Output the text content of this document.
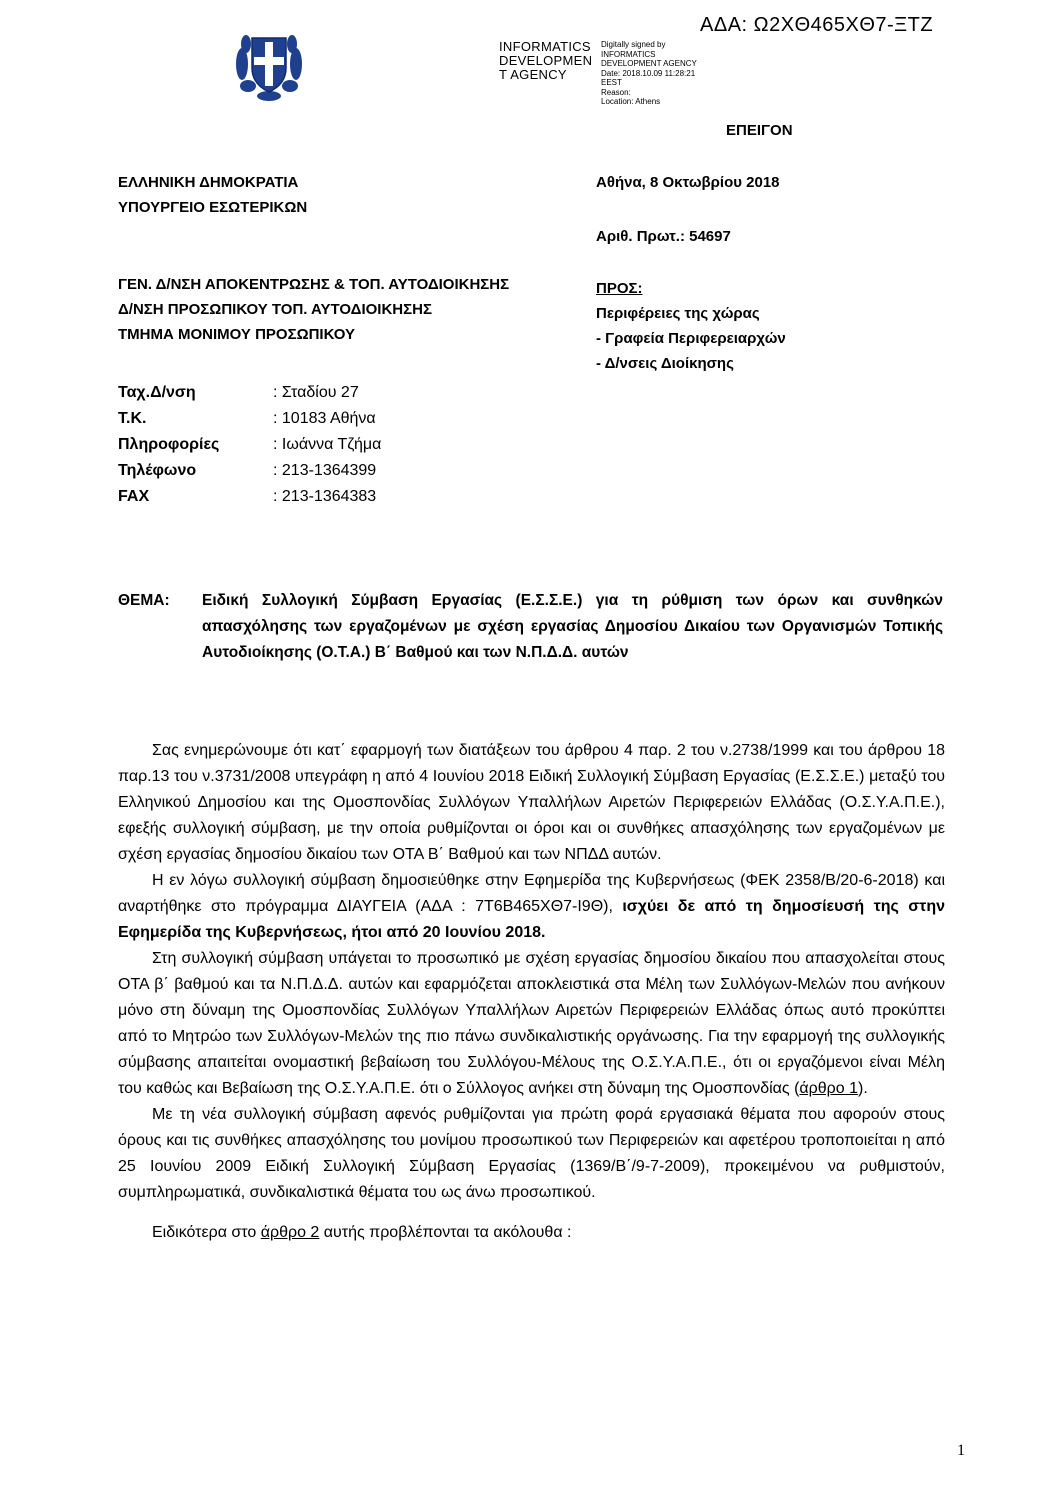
ΑΔΑ: Ω2ΧΘ465ΧΘ7-ΞΤΖ
INFORMATICS DEVELOPMEN T AGENCY
Digitally signed by
INFORMATICS
DEVELOPMENT AGENCY
Date: 2018.10.09 11:28:21
EEST
Reason:
Location: Athens
ΕΠΕΙΓΟΝ
ΕΛΛΗΝΙΚΗ ΔΗΜΟΚΡΑΤΙΑ
ΥΠΟΥΡΓΕΙΟ ΕΣΩΤΕΡΙΚΩΝ
Αθήνα, 8 Οκτωβρίου 2018
Αριθ. Πρωτ.: 54697
ΓΕΝ. Δ/ΝΣΗ ΑΠΟΚΕΝΤΡΩΣΗΣ & ΤΟΠ. ΑΥΤΟΔΙΟΙΚΗΣΗΣ
Δ/ΝΣΗ ΠΡΟΣΩΠΙΚΟΥ ΤΟΠ. ΑΥΤΟΔΙΟΙΚΗΣΗΣ
ΤΜΗΜΑ ΜΟΝΙΜΟΥ ΠΡΟΣΩΠΙΚΟΥ
ΠΡΟΣ:
Περιφέρειες της χώρας
- Γραφεία Περιφερειαρχών
- Δ/νσεις Διοίκησης
Ταχ.Δ/νση	: Σταδίου 27
Τ.Κ.	: 10183 Αθήνα
Πληροφορίες	: Ιωάννα Τζήμα
Τηλέφωνο	: 213-1364399
FAX	: 213-1364383
ΘΕΜΑ:	Ειδική Συλλογική Σύμβαση Εργασίας (Ε.Σ.Σ.Ε.) για τη ρύθμιση των όρων και συνθηκών απασχόλησης των εργαζομένων με σχέση εργασίας Δημοσίου Δικαίου των Οργανισμών Τοπικής Αυτοδιοίκησης (Ο.Τ.Α.) Β΄ Βαθμού και των Ν.Π.Δ.Δ. αυτών

Σας ενημερώνουμε ότι κατ΄ εφαρμογή των διατάξεων του άρθρου 4 παρ. 2 του ν.2738/1999 και του άρθρου 18 παρ.13 του ν.3731/2008 υπεγράφη η από 4 Ιουνίου 2018 Ειδική Συλλογική Σύμβαση Εργασίας (Ε.Σ.Σ.Ε.) μεταξύ του Ελληνικού Δημοσίου και της Ομοσπονδίας Συλλόγων Υπαλλήλων Αιρετών Περιφερειών Ελλάδας (Ο.Σ.Υ.Α.Π.Ε.), εφεξής συλλογική σύμβαση, με την οποία ρυθμίζονται οι όροι και οι συνθήκες απασχόλησης των εργαζομένων με σχέση εργασίας δημοσίου δικαίου των ΟΤΑ Β΄ Βαθμού και των ΝΠΔΔ αυτών.

Η εν λόγω συλλογική σύμβαση δημοσιεύθηκε στην Εφημερίδα της Κυβερνήσεως (ΦΕΚ 2358/Β/20-6-2018) και αναρτήθηκε στο πρόγραμμα ΔΙΑΥΓΕΙΑ (ΑΔΑ : 7Τ6Β465ΧΘ7-Ι9Θ), ισχύει δε από τη δημοσίευσή της στην Εφημερίδα της Κυβερνήσεως, ήτοι από 20 Ιουνίου 2018.

Στη συλλογική σύμβαση υπάγεται το προσωπικό με σχέση εργασίας δημοσίου δικαίου που απασχολείται στους ΟΤΑ β΄ βαθμού και τα Ν.Π.Δ.Δ. αυτών και εφαρμόζεται αποκλειστικά στα Μέλη των Συλλόγων-Μελών που ανήκουν μόνο στη δύναμη της Ομοσπονδίας Συλλόγων Υπαλλήλων Αιρετών Περιφερειών Ελλάδας όπως αυτό προκύπτει από το Μητρώο των Συλλόγων-Μελών της πιο πάνω συνδικαλιστικής οργάνωσης. Για την εφαρμογή της συλλογικής σύμβασης απαιτείται ονομαστική βεβαίωση του Συλλόγου-Μέλους της Ο.Σ.Υ.Α.Π.Ε., ότι οι εργαζόμενοι είναι Μέλη του καθώς και Βεβαίωση της Ο.Σ.Υ.Α.Π.Ε. ότι ο Σύλλογος ανήκει στη δύναμη της Ομοσπονδίας (άρθρο 1).

Με τη νέα συλλογική σύμβαση αφενός ρυθμίζονται για πρώτη φορά εργασιακά θέματα που αφορούν στους όρους και τις συνθήκες απασχόλησης του μονίμου προσωπικού των Περιφερειών και αφετέρου τροποποιείται η από 25 Ιουνίου 2009 Ειδική Συλλογική Σύμβαση Εργασίας (1369/Β΄/9-7-2009), προκειμένου να ρυθμιστούν, συμπληρωματικά, συνδικαλιστικά θέματα του ως άνω προσωπικού.

Ειδικότερα στο άρθρο 2 αυτής προβλέπονται τα ακόλουθα :

1
